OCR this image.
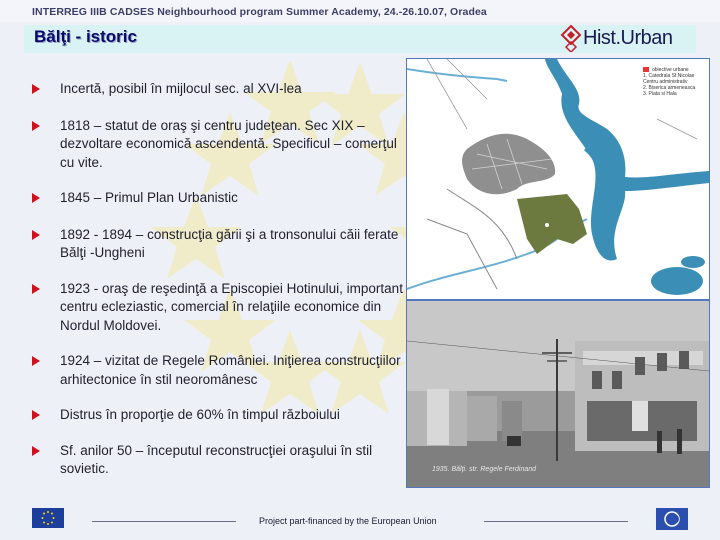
INTERREG IIIB CADSES Neighbourhood program Summer Academy, 24.-26.10.07, Oradea
Bălţi - istoric	Hist.Urban
Incertă, posibil în mijlocul sec. al XVI-lea
1818 – statut de oraş şi centru judeţean. Sec XIX – dezvoltare economică ascendentă. Specificul – comerţul cu vite.
1845 – Primul Plan Urbanistic
1892 - 1894 – construcţia gării şi a tronsonului căii ferate Bălţi -Ungheni
1923 - oraş de reşedinţă a Episcopiei Hotinului, important centru ecleziastic, comercial în relaţiile economice din Nordul Moldovei.
1924 – vizitat de Regele României. Iniţierea construcţiilor arhitectonice în stil neoromânesc
Distrus în proporţie de 60% în timpul războiului
Sf. anilor 50 – începutul reconstrucţiei oraşului în stil sovietic.
obiective urbane
1. Catedrala Sf.Nicolae
Centru administrativ
2. Biserica armeneasca
3. Piata si Hala
1935. Bălţi. str. Regele Ferdinand
Project part-financed by the European Union
